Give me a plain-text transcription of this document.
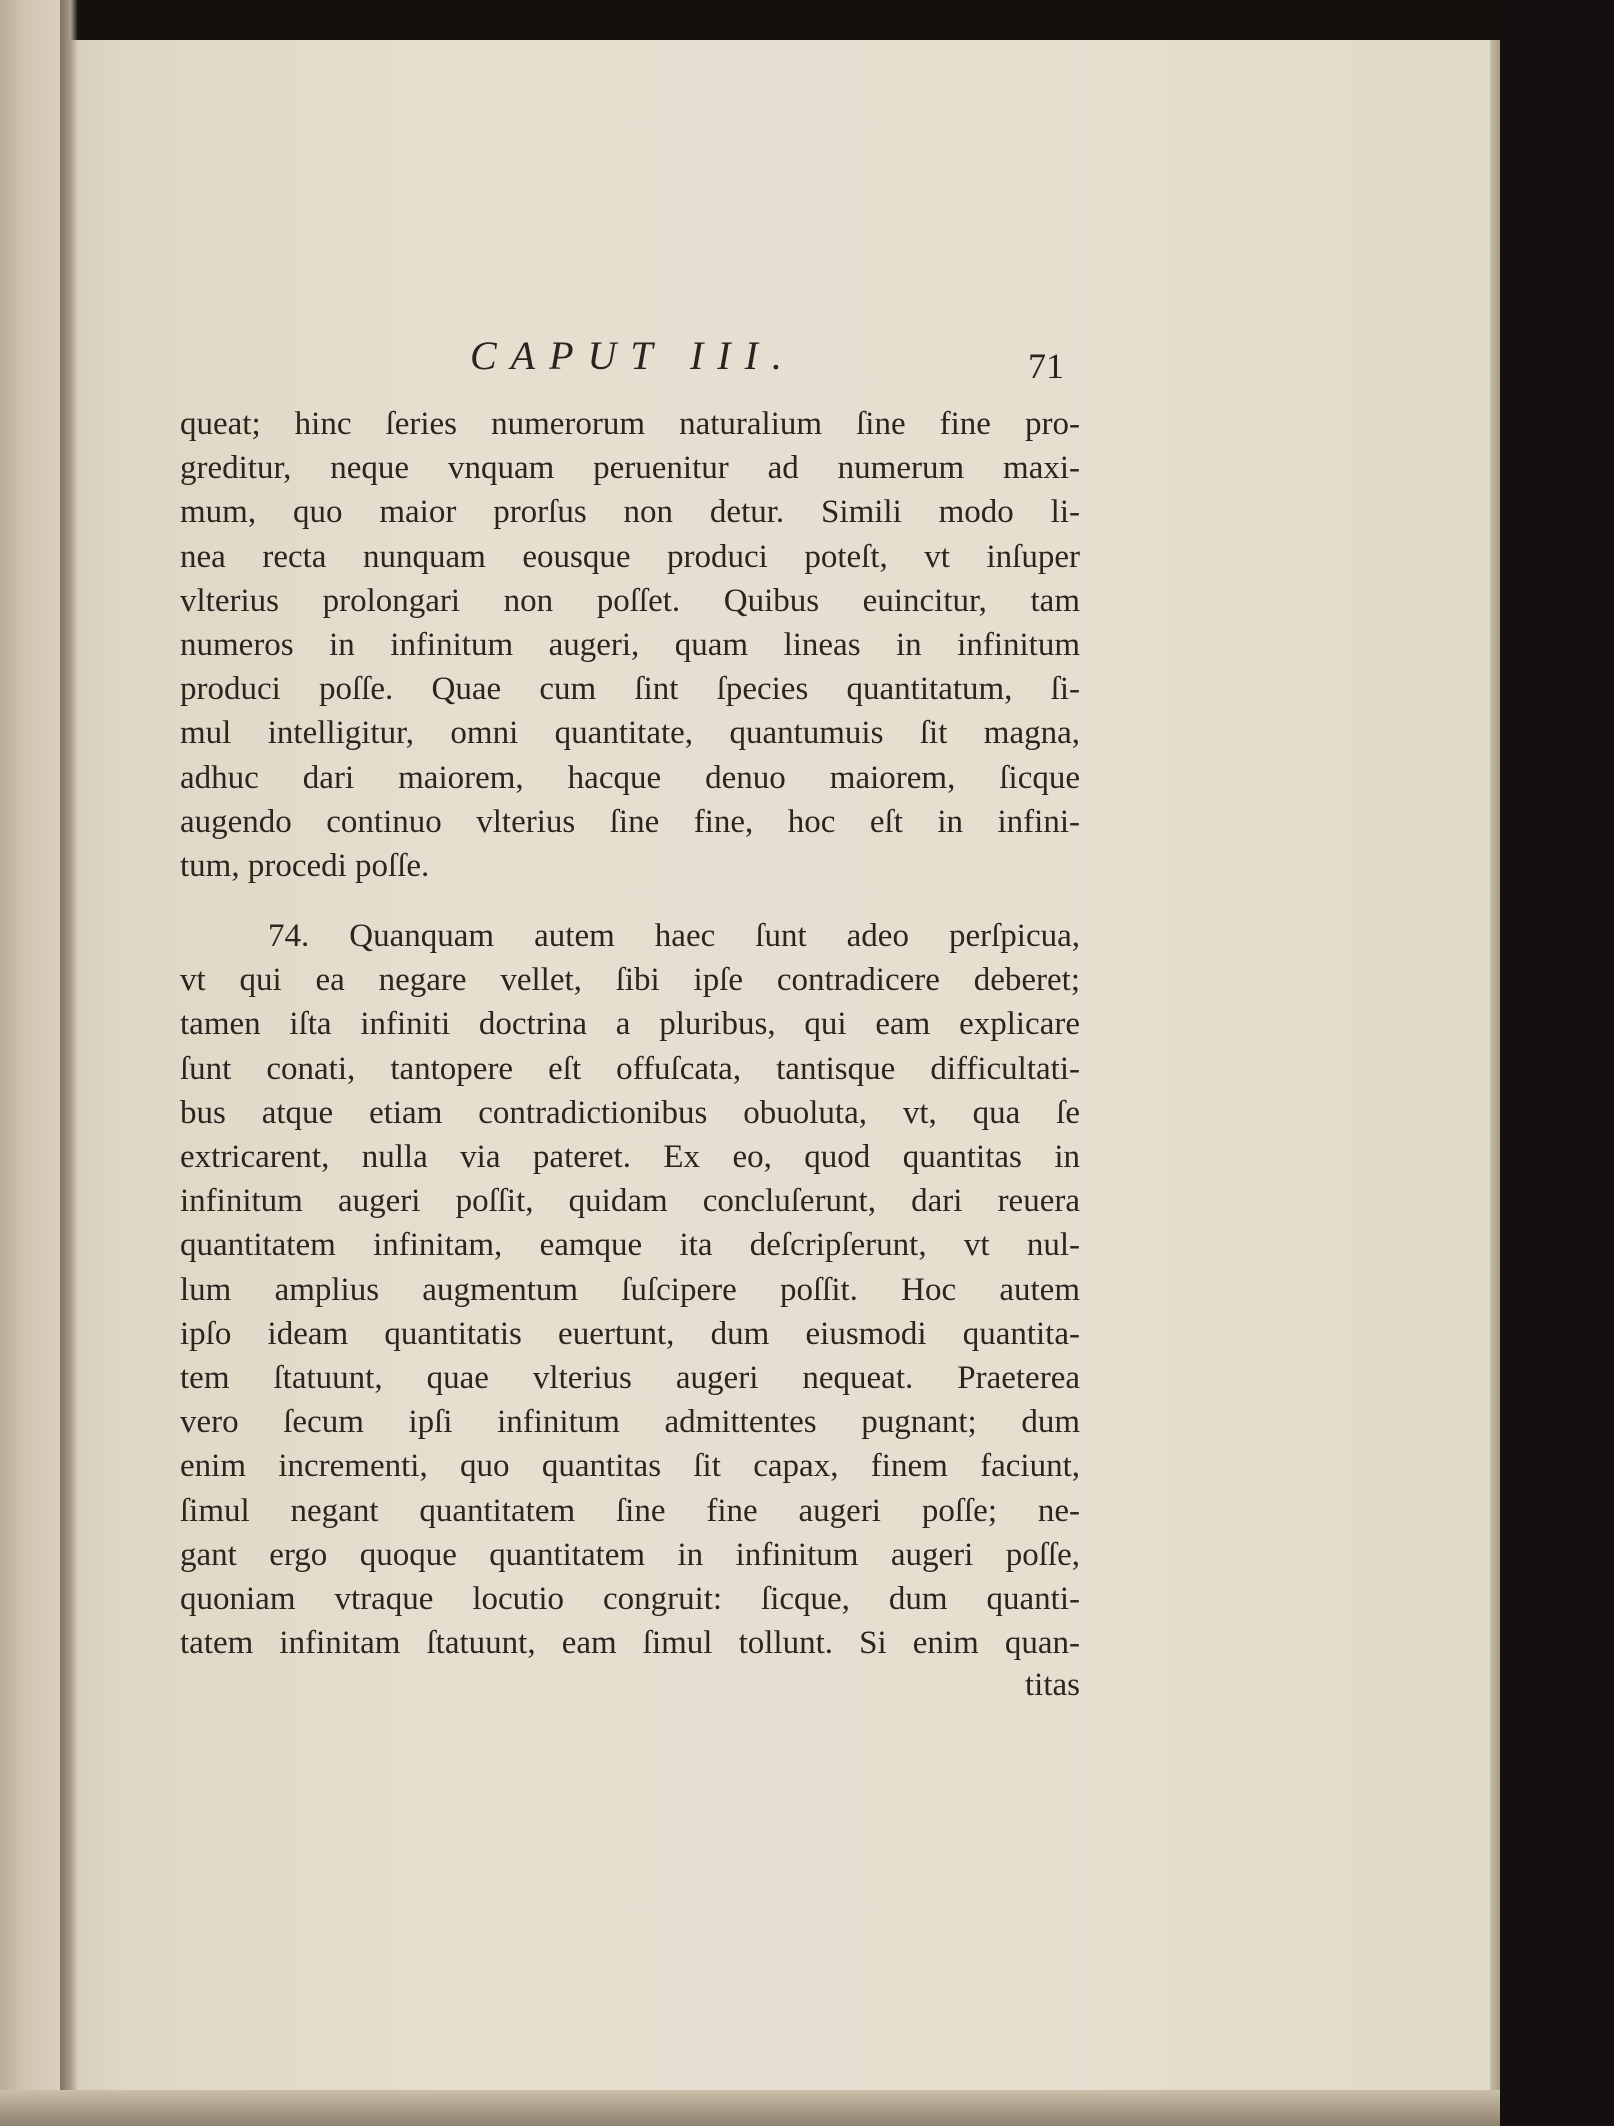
CAPUT III.	71
queat; hinc ſeries numerorum naturalium ſine fine pro-
greditur, neque vnquam peruenitur ad numerum maxi-
mum, quo maior prorſus non detur. Simili modo li-
nea recta nunquam eousque produci poteſt, vt inſuper
vlterius prolongari non poſſet. Quibus euincitur, tam
numeros in infinitum augeri, quam lineas in infinitum
produci poſſe. Quae cum ſint ſpecies quantitatum, ſi-
mul intelligitur, omni quantitate, quantumuis ſit magna,
adhuc dari maiorem, hacque denuo maiorem, ſicque
augendo continuo vlterius ſine fine, hoc eſt in infini-
tum, procedi poſſe.
74. Quanquam autem haec ſunt adeo perſpicua,
vt qui ea negare vellet, ſibi ipſe contradicere deberet;
tamen iſta infiniti doctrina a pluribus, qui eam explicare
ſunt conati, tantopere eſt offuſcata, tantisque difficultati-
bus atque etiam contradictionibus obuoluta, vt, qua ſe
extricarent, nulla via pateret. Ex eo, quod quantitas in
infinitum augeri poſſit, quidam concluſerunt, dari reuera
quantitatem infinitam, eamque ita deſcripſerunt, vt nul-
lum amplius augmentum ſuſcipere poſſit. Hoc autem
ipſo ideam quantitatis euertunt, dum eiusmodi quantita-
tem ſtatuunt, quae vlterius augeri nequeat. Praeterea
vero ſecum ipſi infinitum admittentes pugnant; dum
enim incrementi, quo quantitas ſit capax, finem faciunt,
ſimul negant quantitatem ſine fine augeri poſſe; ne-
gant ergo quoque quantitatem in infinitum augeri poſſe,
quoniam vtraque locutio congruit: ſicque, dum quanti-
tatem infinitam ſtatuunt, eam ſimul tollunt. Si enim quan-
titas
